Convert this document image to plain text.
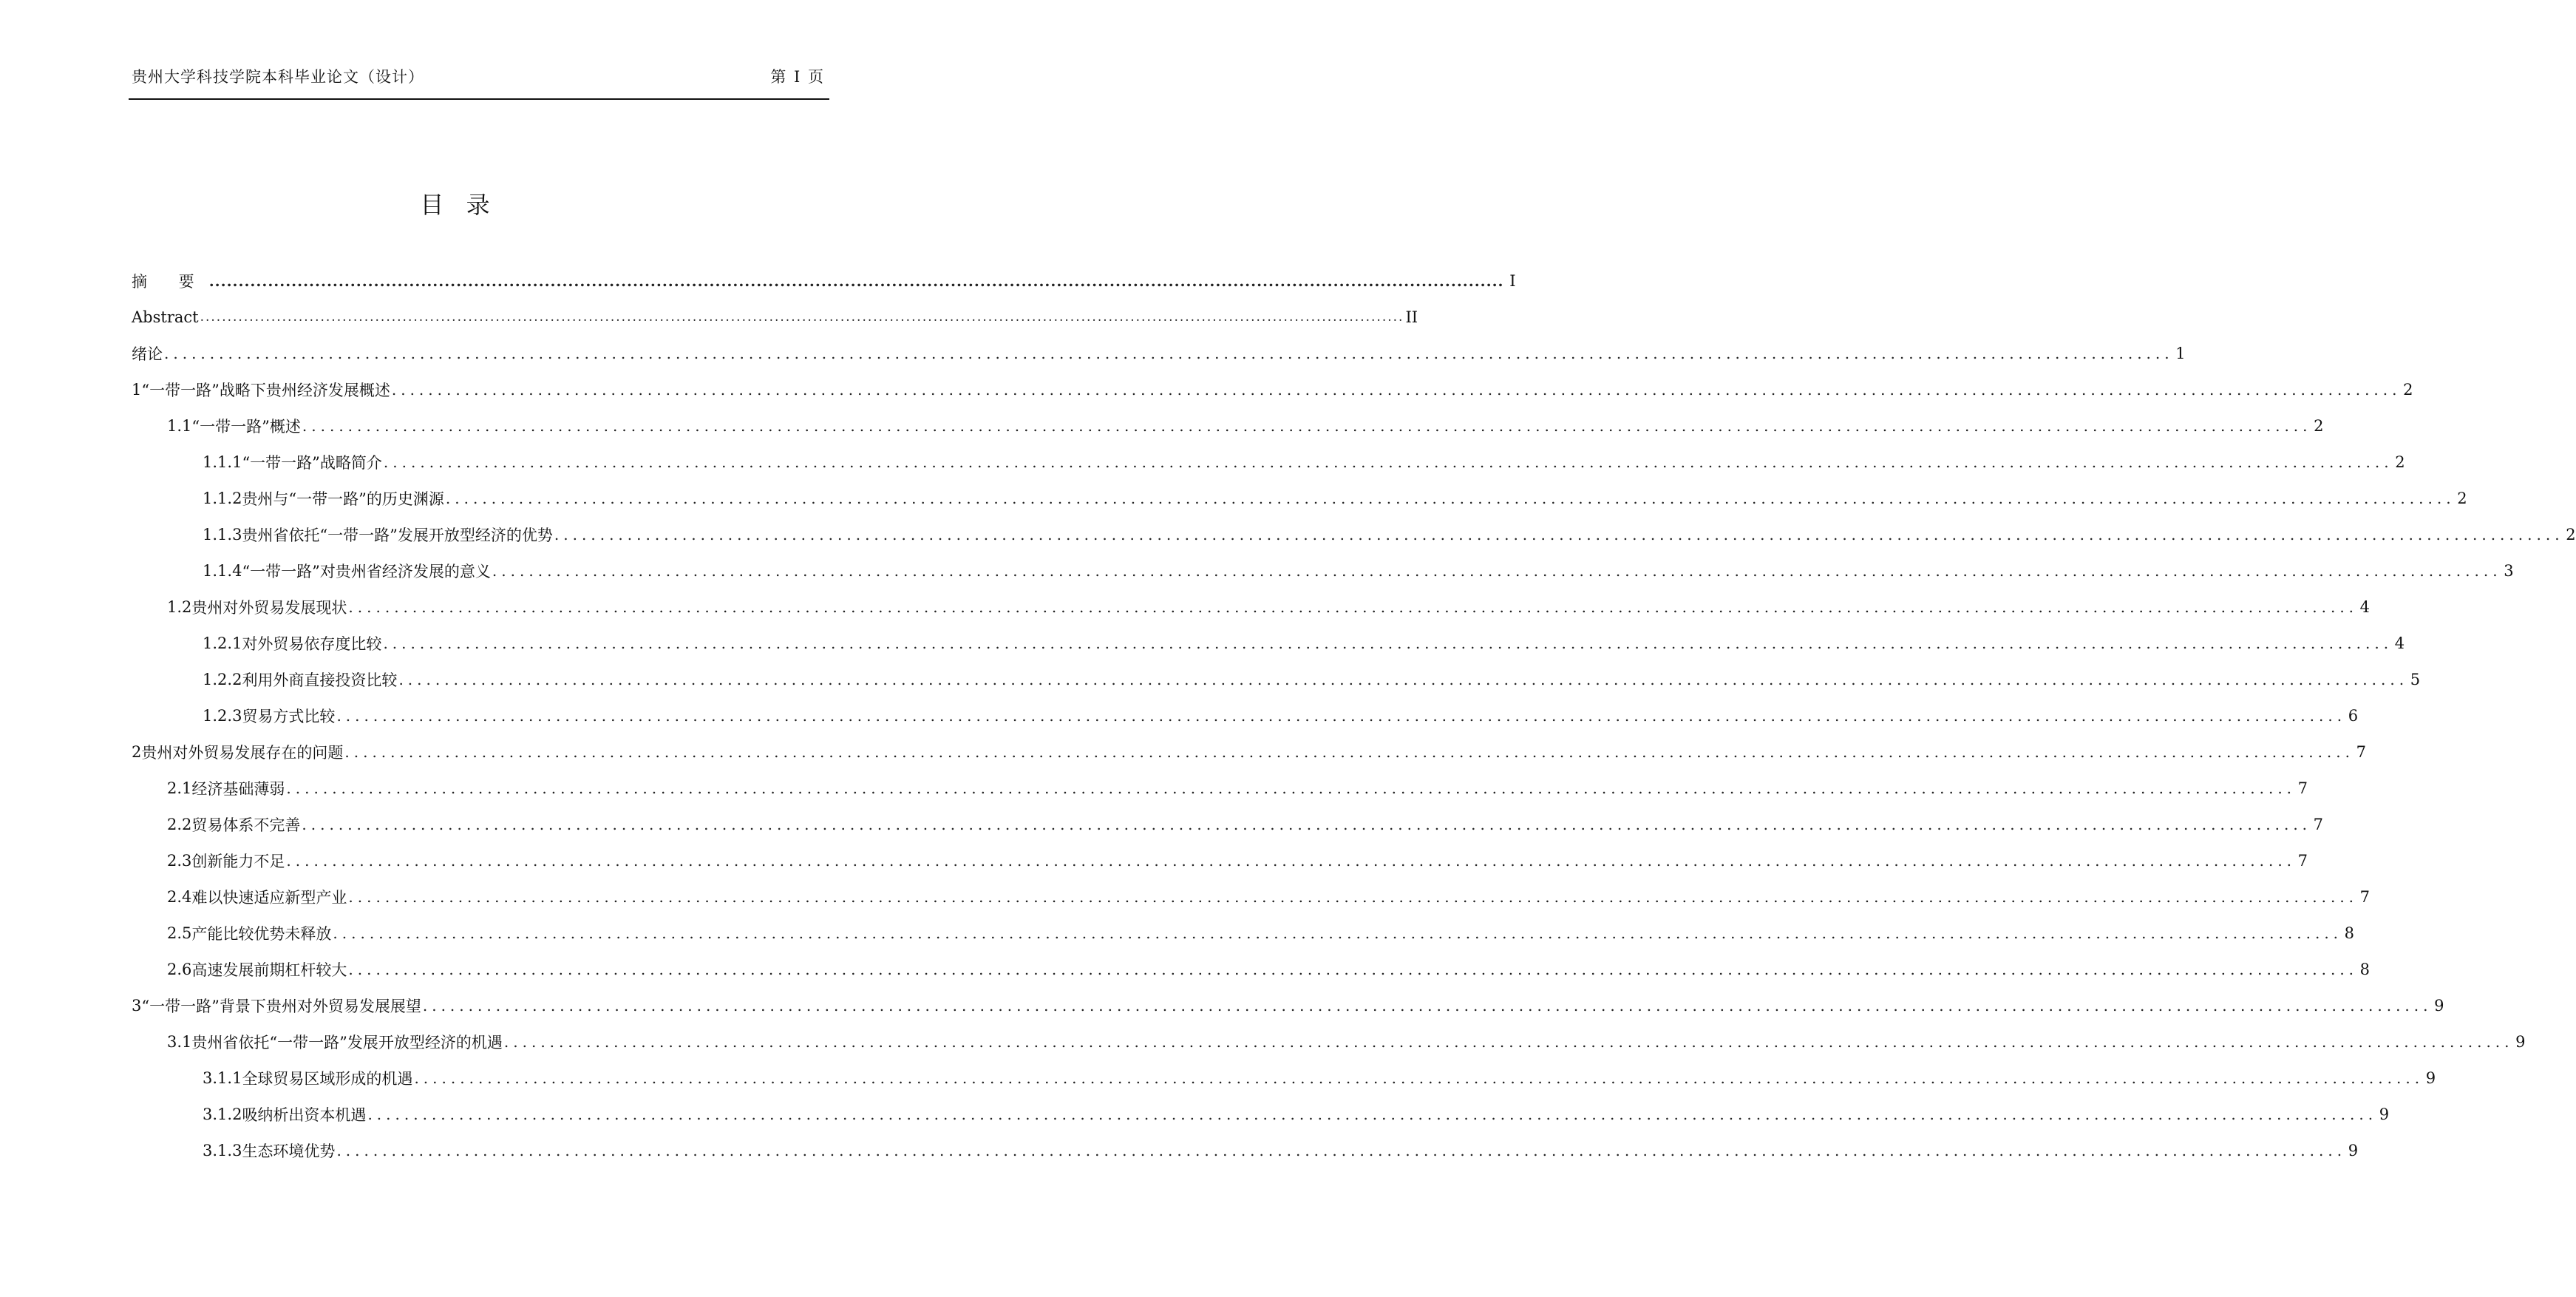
贵州大学科技学院本科毕业论文（设计）	第 I 页
目 录
摘 要 ............................................................................................................................................................................................................................ I
Abstract ............................................................................................................................................................................................................................ II
绪论 ............................................................................................................................................................................................................................ 1
1 “一带一路”战略下贵州经济发展概述 ............................................................................................................................................................................................................................ 2
1.1 “一带一路”概述 ............................................................................................................................................................................................................................ 2
1.1.1 “一带一路”战略简介 ............................................................................................................................................................................................................................ 2
1.1.2 贵州与“一带一路”的历史渊源 ............................................................................................................................................................................................................................ 2
1.1.3 贵州省依托“一带一路”发展开放型经济的优势 ............................................................................................................................................................................................................................ 2
1.1.4 “一带一路”对贵州省经济发展的意义 ............................................................................................................................................................................................................................ 3
1.2 贵州对外贸易发展现状 ............................................................................................................................................................................................................................ 4
1.2.1 对外贸易依存度比较 ............................................................................................................................................................................................................................ 4
1.2.2 利用外商直接投资比较 ............................................................................................................................................................................................................................ 5
1.2.3 贸易方式比较 ............................................................................................................................................................................................................................ 6
2 贵州对外贸易发展存在的问题 ............................................................................................................................................................................................................................ 7
2.1 经济基础薄弱 ............................................................................................................................................................................................................................ 7
2.2 贸易体系不完善 ............................................................................................................................................................................................................................ 7
2.3 创新能力不足 ............................................................................................................................................................................................................................ 7
2.4 难以快速适应新型产业 ............................................................................................................................................................................................................................ 7
2.5 产能比较优势未释放 ............................................................................................................................................................................................................................ 8
2.6 高速发展前期杠杆较大 ............................................................................................................................................................................................................................ 8
3 “一带一路”背景下贵州对外贸易发展展望 ............................................................................................................................................................................................................................ 9
3.1 贵州省依托“一带一路”发展开放型经济的机遇 ............................................................................................................................................................................................................................ 9
3.1.1 全球贸易区域形成的机遇 ............................................................................................................................................................................................................................ 9
3.1.2 吸纳析出资本机遇 ............................................................................................................................................................................................................................ 9
3.1.3 生态环境优势 ............................................................................................................................................................................................................................ 9
